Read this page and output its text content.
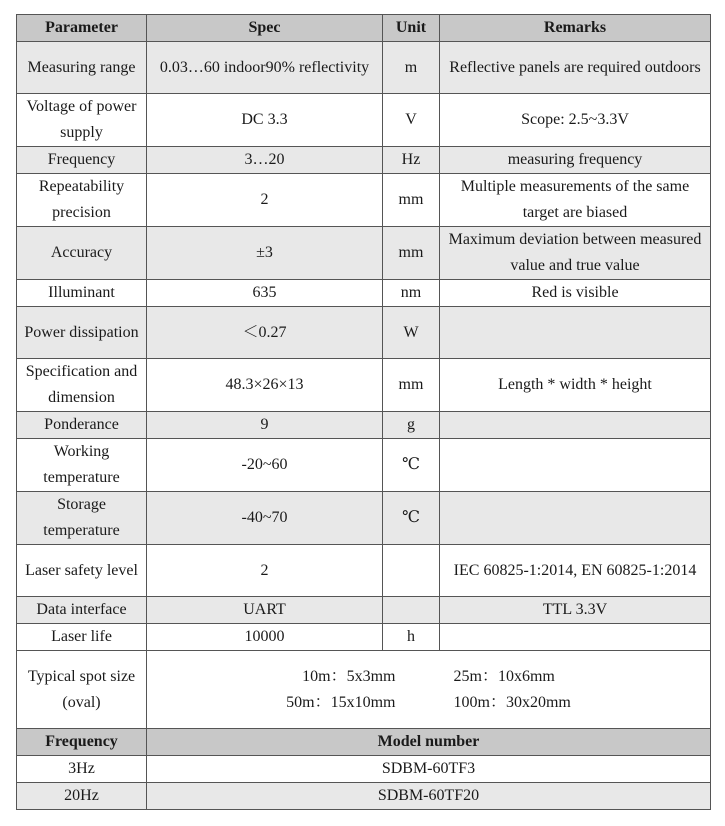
Parameter	Spec	Unit	Remarks
Measuring range	0.03…60 indoor90% reflectivity	m	Reflective panels are required outdoors
Voltage of power supply	DC 3.3	V	Scope: 2.5~3.3V
Frequency	3…20	Hz	measuring frequency
Repeatability precision	2	mm	Multiple measurements of the same target are biased
Accuracy	±3	mm	Maximum deviation between measured value and true value
Illuminant	635	nm	Red is visible
Power dissipation	＜0.27	W	
Specification and dimension	48.3×26×13	mm	Length * width * height
Ponderance	9	g	
Working temperature	-20~60	℃	
Storage temperature	-40~70	℃	
Laser safety level	2		IEC 60825-1:2014, EN 60825-1:2014
Data interface	UART		TTL 3.3V
Laser life	10000	h	
Typical spot size (oval)	10m：5x3mm 25m：10x6mm
50m：15x10mm 100m：30x20mm		

Frequency	Model number		
3Hz	SDBM-60TF3		
20Hz	SDBM-60TF20		
